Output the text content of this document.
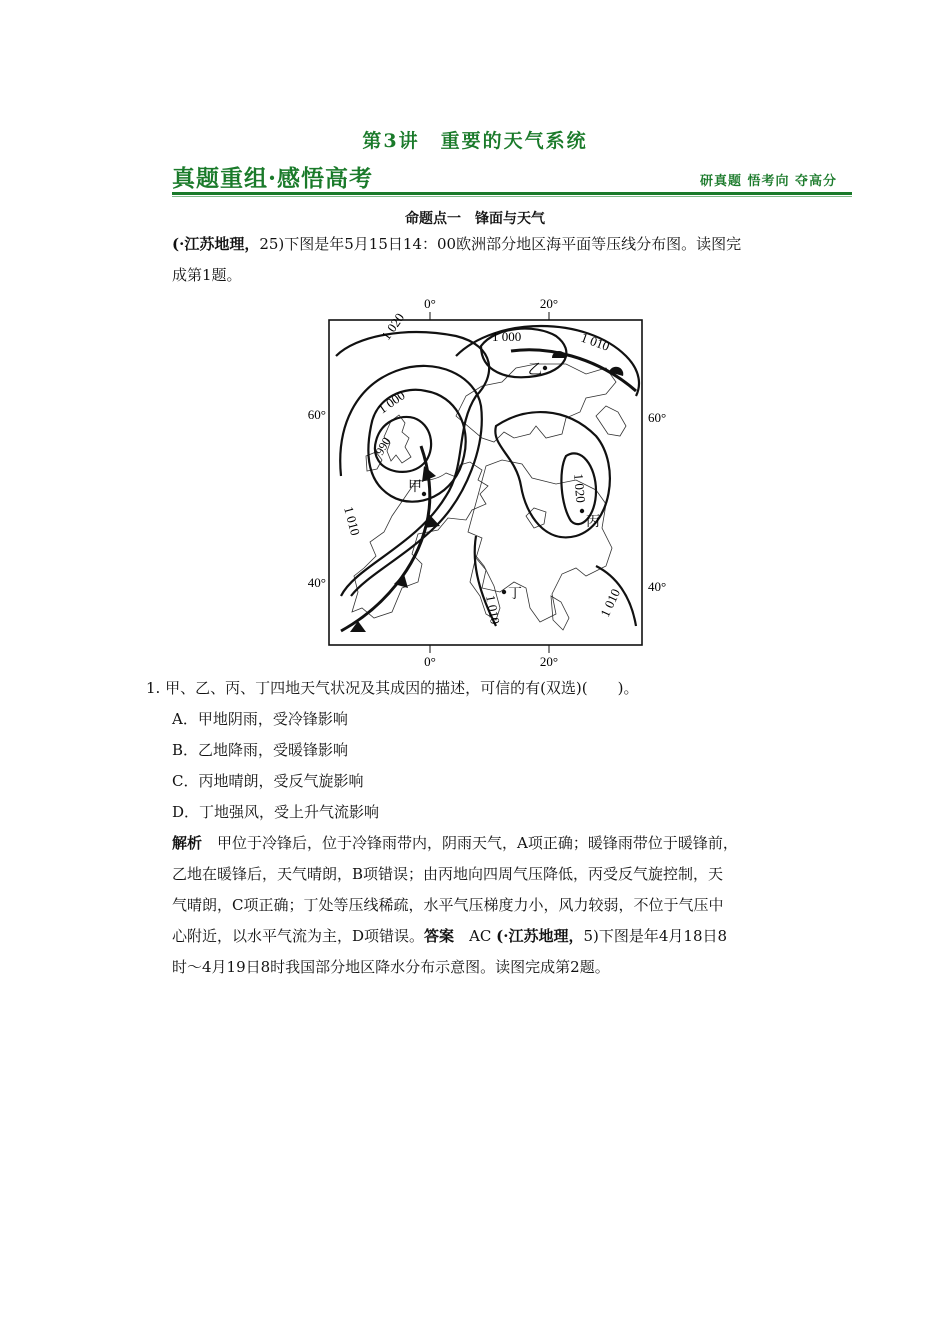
第3讲　重要的天气系统
真题重组·感悟高考	研真题 悟考向 夺高分
命题点一　锋面与天气
(·江苏地理，25)下图是年5月15日14：00欧洲部分地区海平面等压线分布图。读图完
成第1题。
0°	20°
0°	20°
60°
40°
60°
40°
1 020	1 000	1 010
1 000
990
1 010
1 020
1 010	1 010
甲
乙
丙
丁
1. 甲、乙、丙、丁四地天气状况及其成因的描述，可信的有(双选)(　　)。
A．甲地阴雨，受冷锋影响
B．乙地降雨，受暖锋影响
C．丙地晴朗，受反气旋影响
D．丁地强风，受上升气流影响
解析　 甲位于冷锋后，位于冷锋雨带内，阴雨天气，A项正确；暖锋雨带位于暖锋前，
乙地在暖锋后，天气晴朗，B项错误；由丙地向四周气压降低，丙受反气旋控制，天
气晴朗，C项正确；丁处等压线稀疏，水平气压梯度力小，风力较弱，不位于气压中
心附近，以水平气流为主，D项错误。答案　 AC (·江苏地理，5)下图是年4月18日8
时～4月19日8时我国部分地区降水分布示意图。读图完成第2题。
